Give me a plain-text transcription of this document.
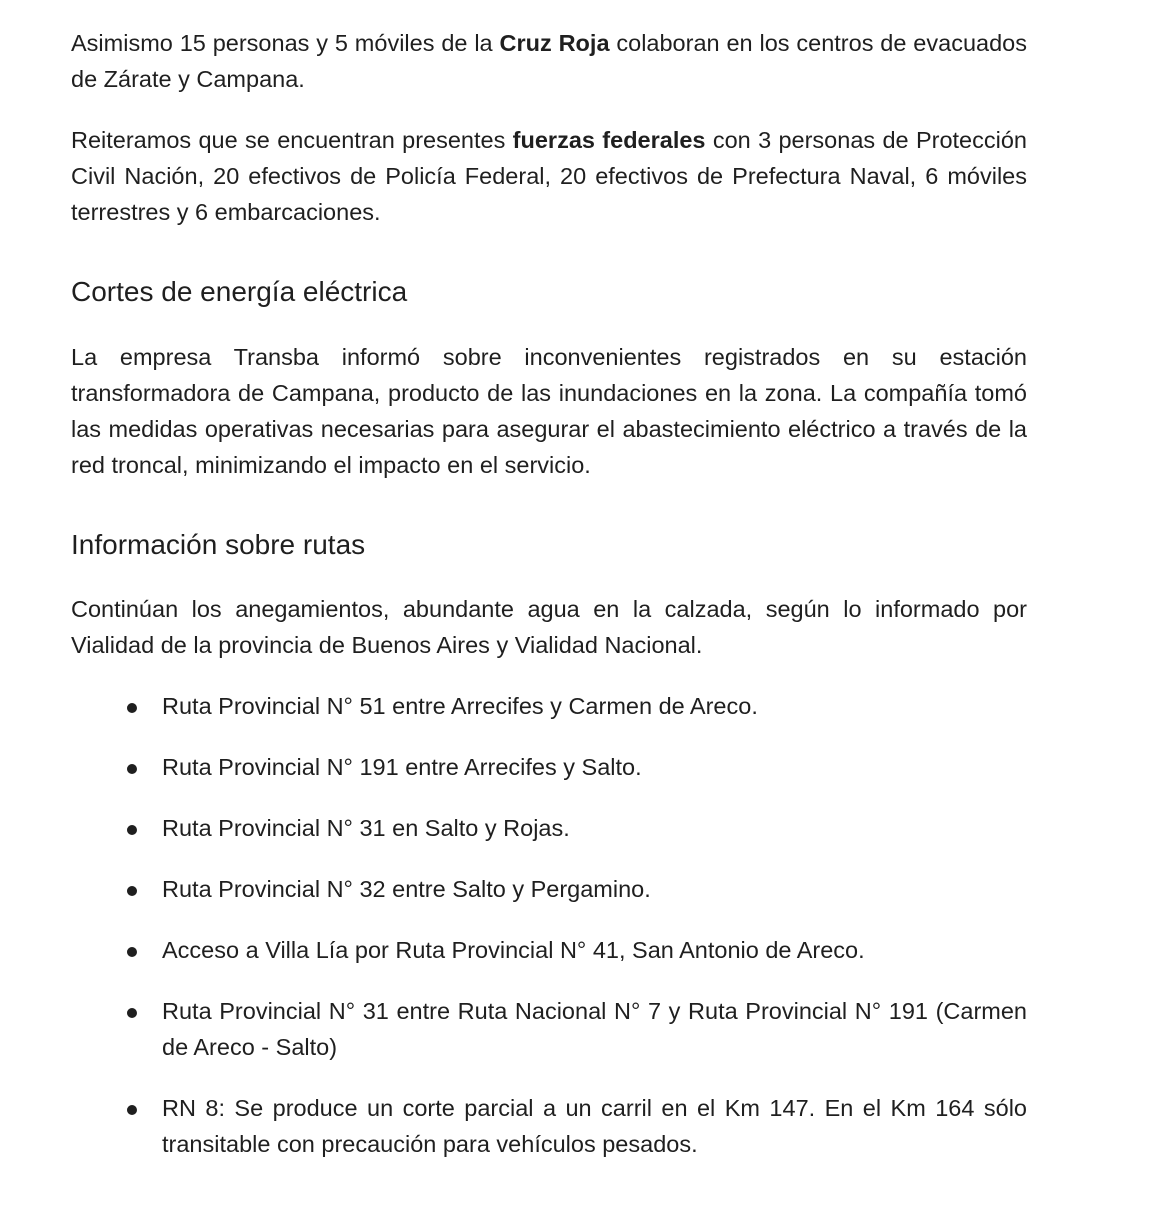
Asimismo 15 personas y 5 móviles de la Cruz Roja colaboran en los centros de evacuados de Zárate y Campana.

Reiteramos que se encuentran presentes fuerzas federales con 3 personas de Protección Civil Nación, 20 efectivos de Policía Federal, 20 efectivos de Prefectura Naval, 6 móviles terrestres y 6 embarcaciones.

Cortes de energía eléctrica

La empresa Transba informó sobre inconvenientes registrados en su estación transformadora de Campana, producto de las inundaciones en la zona. La compañía tomó las medidas operativas necesarias para asegurar el abastecimiento eléctrico a través de la red troncal, minimizando el impacto en el servicio.

Información sobre rutas

Continúan los anegamientos, abundante agua en la calzada, según lo informado por Vialidad de la provincia de Buenos Aires y Vialidad Nacional.

Ruta Provincial N° 51 entre Arrecifes y Carmen de Areco.
Ruta Provincial N° 191 entre Arrecifes y Salto.
Ruta Provincial N° 31 en Salto y Rojas.
Ruta Provincial N° 32 entre Salto y Pergamino.
Acceso a Villa Lía por Ruta Provincial N° 41, San Antonio de Areco.
Ruta Provincial N° 31 entre Ruta Nacional N° 7 y Ruta Provincial N° 191 (Carmen de Areco - Salto)
RN 8: Se produce un corte parcial a un carril en el Km 147. En el Km 164 sólo transitable con precaución para vehículos pesados.
